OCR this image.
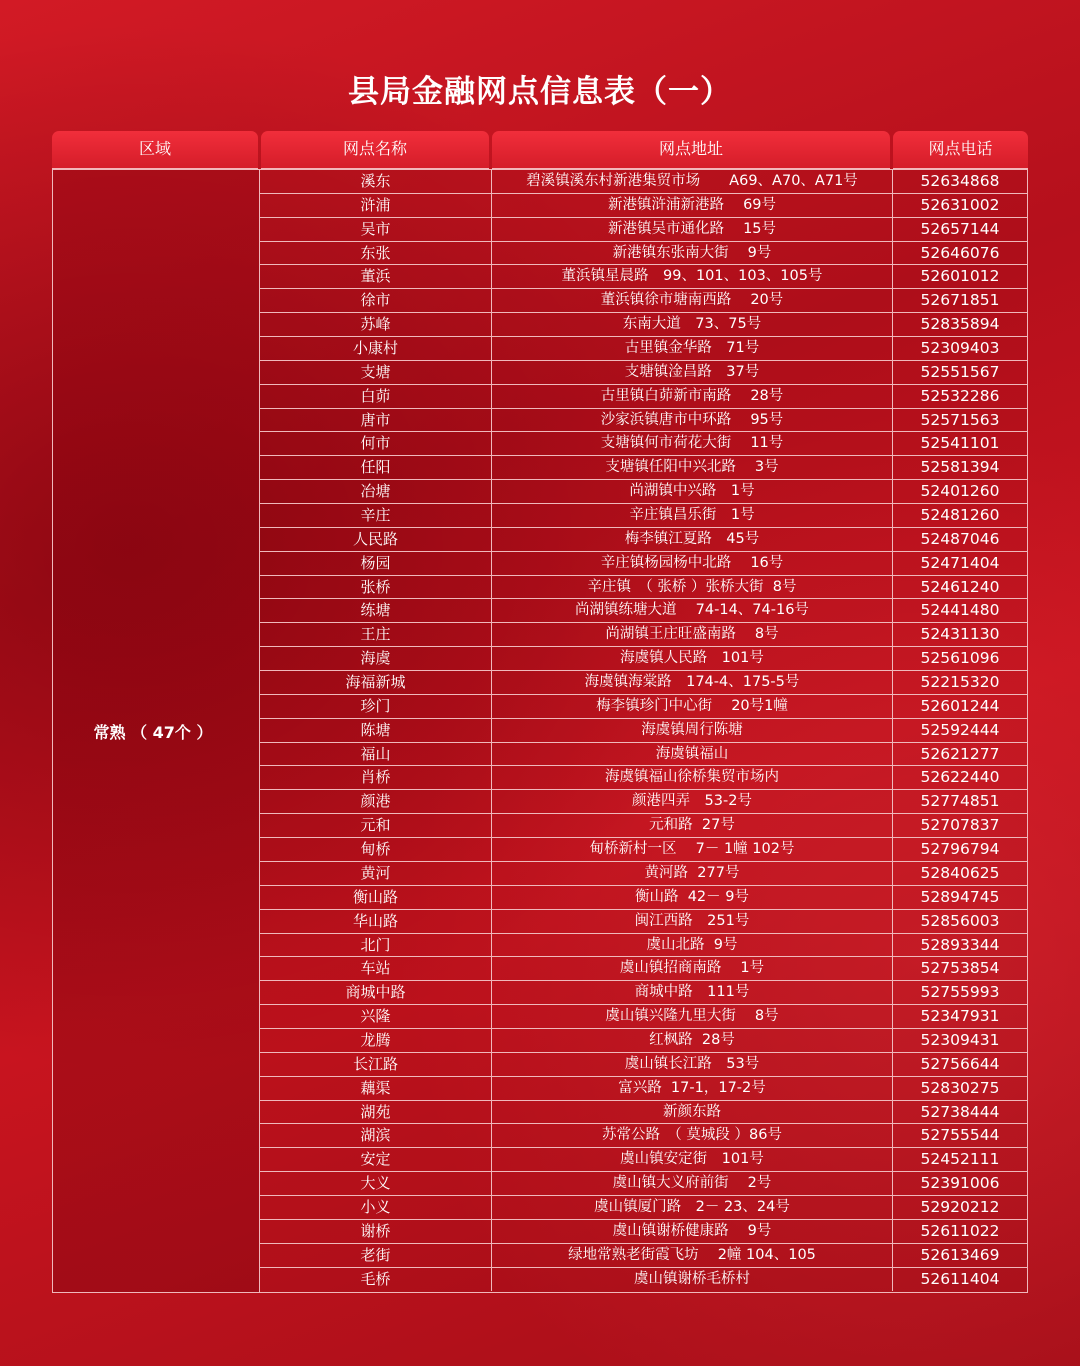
县局金融网点信息表（一）
区域	网点名称	网点地址	网点电话
常熟 （ 47个 ）
溪东	碧溪镇溪东村新港集贸市场　　A69、A70、A71号	52634868
浒浦	新港镇浒浦新港路　 69号	52631002
吴市	新港镇吴市通化路　 15号	52657144
东张	新港镇东张南大街　 9号	52646076
董浜	董浜镇星晨路　99、101、103、105号	52601012
徐市	董浜镇徐市塘南西路　 20号	52671851
苏峰	东南大道　73、75号	52835894
小康村	古里镇金华路　71号	52309403
支塘	支塘镇淦昌路　37号	52551567
白茆	古里镇白茆新市南路　 28号	52532286
唐市	沙家浜镇唐市中环路　 95号	52571563
何市	支塘镇何市荷花大街　 11号	52541101
任阳	支塘镇任阳中兴北路　 3号	52581394
冶塘	尚湖镇中兴路　1号	52401260
辛庄	辛庄镇昌乐街　1号	52481260
人民路	梅李镇江夏路　45号	52487046
杨园	辛庄镇杨园杨中北路　 16号	52471404
张桥	辛庄镇　（ 张桥 ）张桥大街  8号	52461240
练塘	尚湖镇练塘大道　 74-14、74-16号	52441480
王庄	尚湖镇王庄旺盛南路　 8号	52431130
海虞	海虞镇人民路　101号	52561096
海福新城	海虞镇海棠路　174-4、175-5号	52215320
珍门	梅李镇珍门中心街　 20号1幢	52601244
陈塘	海虞镇周行陈塘	52592444
福山	海虞镇福山	52621277
肖桥	海虞镇福山徐桥集贸市场内	52622440
颜港	颜港四弄　53-2号	52774851
元和	元和路  27号	52707837
甸桥	甸桥新村一区　 7－ 1幢 102号	52796794
黄河	黄河路  277号	52840625
衡山路	衡山路  42－ 9号	52894745
华山路	闽江西路　251号	52856003
北门	虞山北路  9号	52893344
车站	虞山镇招商南路　 1号	52753854
商城中路	商城中路　111号	52755993
兴隆	虞山镇兴隆九里大街　 8号	52347931
龙腾	红枫路  28号	52309431
长江路	虞山镇长江路　53号	52756644
藕渠	富兴路  17-1，17-2号	52830275
湖苑	新颜东路	52738444
湖滨	苏常公路　（ 莫城段 ）86号	52755544
安定	虞山镇安定街　101号	52452111
大义	虞山镇大义府前街　 2号	52391006
小义	虞山镇厦门路　2－ 23、24号	52920212
谢桥	虞山镇谢桥健康路　 9号	52611022
老街	绿地常熟老街霞飞坊　 2幢 104、105	52613469
毛桥	虞山镇谢桥毛桥村	52611404
